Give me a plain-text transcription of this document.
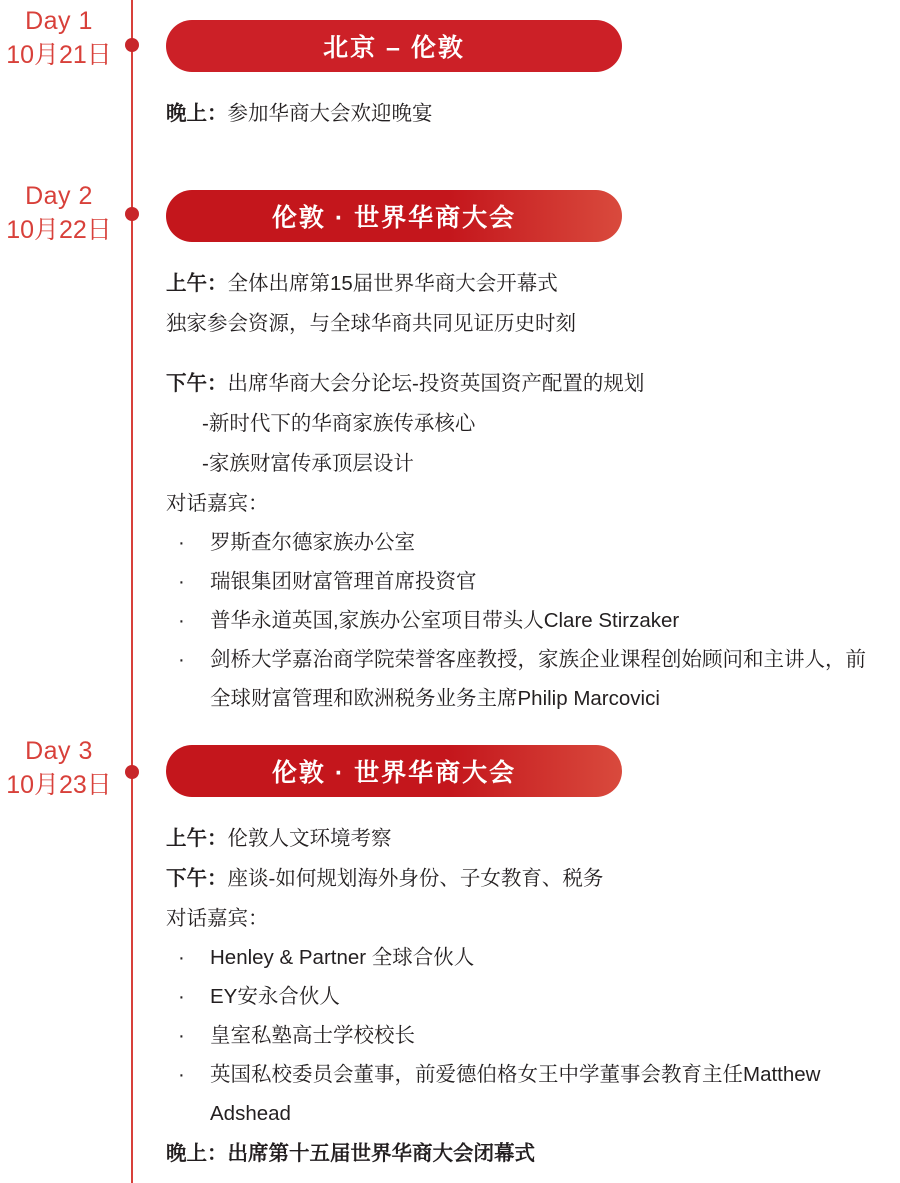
Day 1
10月21日
Day 2
10月22日
Day 3
10月23日
北京 – 伦敦
晚上：参加华商大会欢迎晚宴
伦敦 · 世界华商大会
上午：全体出席第15届世界华商大会开幕式
独家参会资源，与全球华商共同见证历史时刻
下午：出席华商大会分论坛-投资英国资产配置的规划
-新时代下的华商家族传承核心
-家族财富传承顶层设计
对话嘉宾：
· 罗斯查尔德家族办公室
· 瑞银集团财富管理首席投资官
· 普华永道英国,家族办公室项目带头人Clare Stirzaker
· 剑桥大学嘉治商学院荣誉客座教授，家族企业课程创始顾问和主讲人，前全球财富管理和欧洲税务业务主席Philip Marcovici
伦敦 · 世界华商大会
上午：伦敦人文环境考察
下午：座谈-如何规划海外身份、子女教育、税务
对话嘉宾：
· Henley & Partner 全球合伙人
· EY安永合伙人
· 皇室私塾高士学校校长
· 英国私校委员会董事，前爱德伯格女王中学董事会教育主任Matthew Adshead
晚上：出席第十五届世界华商大会闭幕式
